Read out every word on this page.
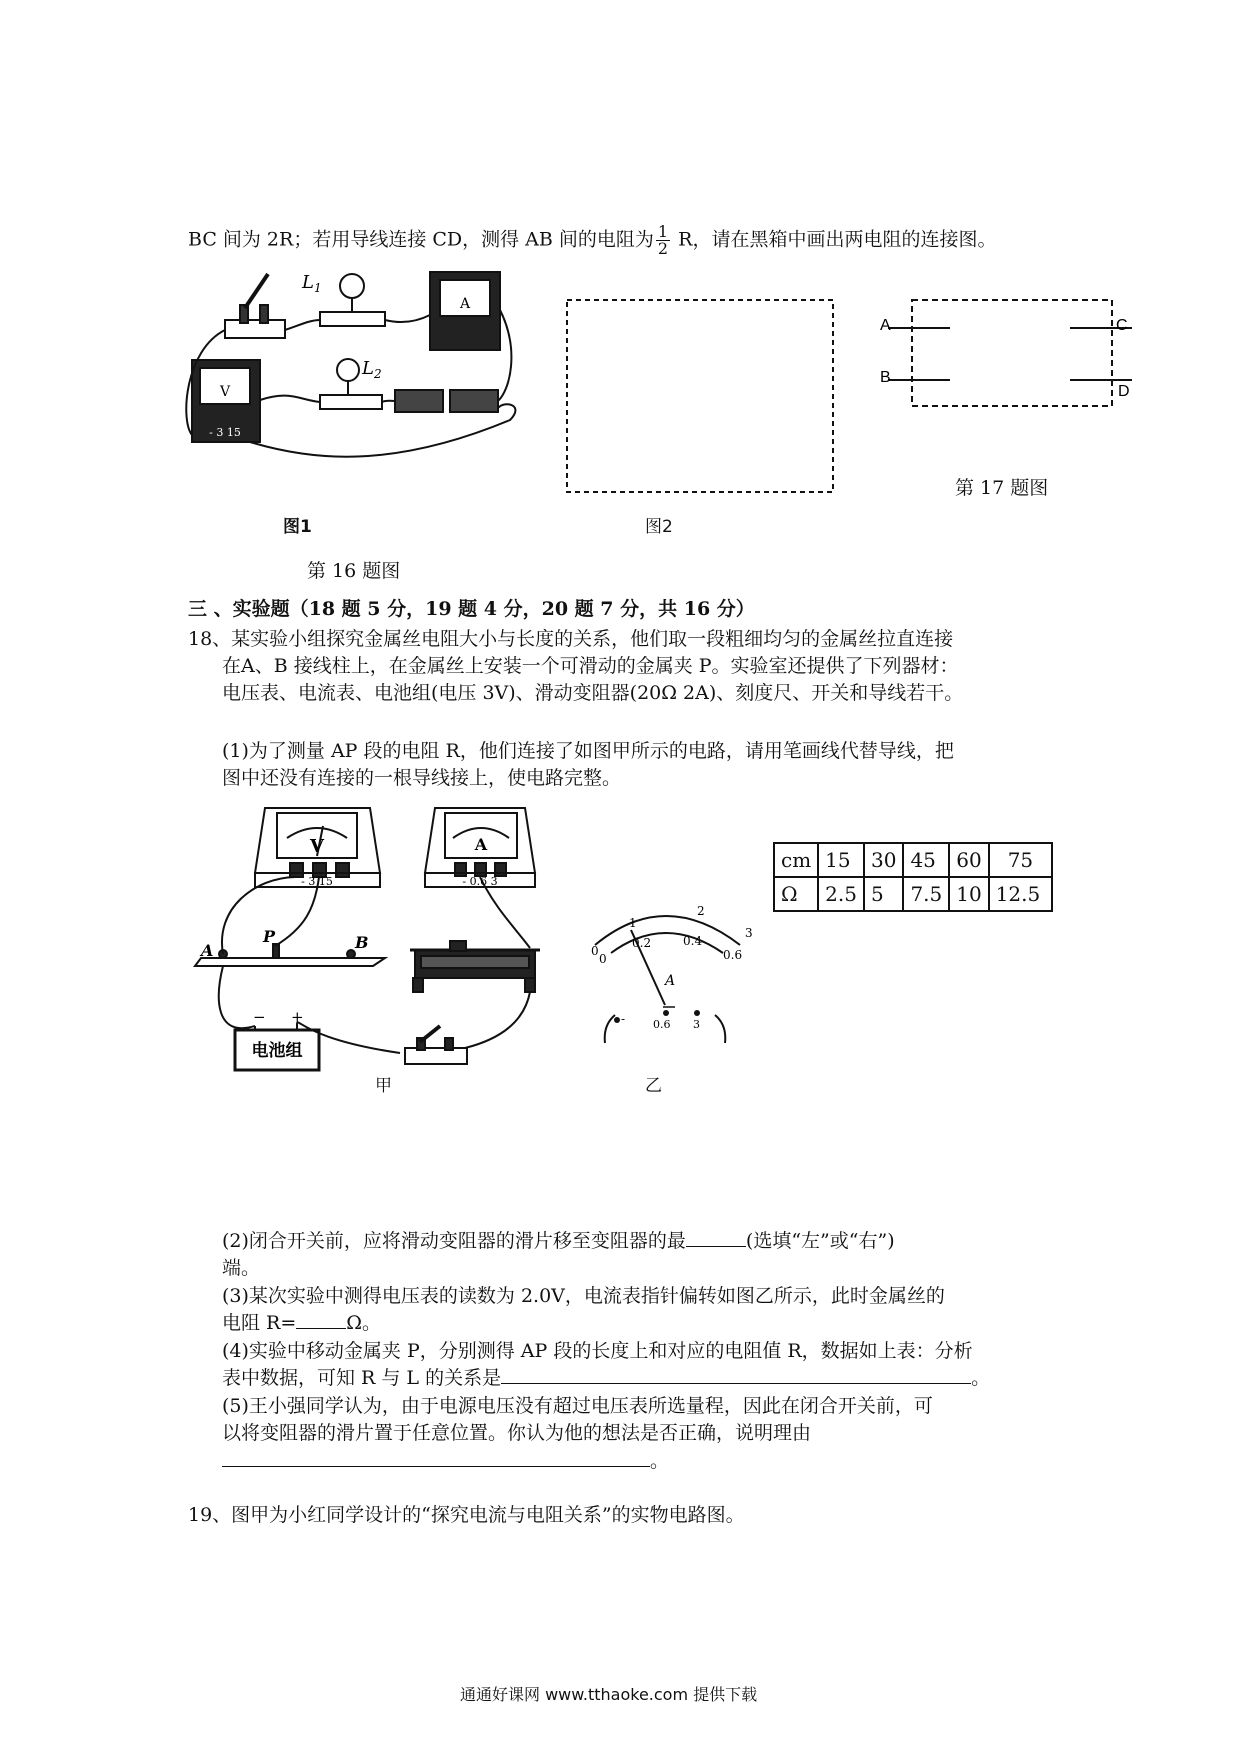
BC 间为 2R；若用导线连接 CD，测得 AB 间的电阻为 $\frac{1}{2}$ R，请在黑箱中画出两电阻的连接图。
A
V
- 3 15
$L_1$
$L_2$
图1	图2
第 16 题图
A
B
C
D
第 17 题图
三 、实验题（18 题 5 分，19 题 4 分，20 题 7 分，共 16 分）
18、某实验小组探究金属丝电阻大小与长度的关系，他们取一段粗细均匀的金属丝拉直连接
在A、B 接线柱上，在金属丝上安装一个可滑动的金属夹 P。实验室还提供了下列器材：
电压表、电流表、电池组(电压 3V)、滑动变阻器(20Ω 2A)、刻度尺、开关和导线若干。
(1)为了测量 AP 段的电阻 R，他们连接了如图甲所示的电路，请用笔画线代替导线，把
图中还没有连接的一根导线接上，使电路完整。
V
- 3 15
A
- 0.6 3
A
P	B
− +
电池组
甲
0
1
0.2
2
0.4
3
0.6
0
A
-	0.6 3
乙
cm	15	30	45	60	75
Ω	2.5	5	7.5	10	12.5
(2)闭合开关前，应将滑动变阻器的滑片移至变阻器的最	(选填“左”或“右”)
端。
(3)某次实验中测得电压表的读数为 2.0V，电流表指针偏转如图乙所示，此时金属丝的
电阻 R=	Ω。
(4)实验中移动金属夹 P，分别测得 AP 段的长度上和对应的电阻值 R，数据如上表：分析
表中数据，可知 R 与 L 的关系是	。
(5)王小强同学认为，由于电源电压没有超过电压表所选量程，因此在闭合开关前，可
以将变阻器的滑片置于任意位置。你认为他的想法是否正确，说明理由
。
19、图甲为小红同学设计的“探究电流与电阻关系”的实物电路图。
通通好课网 www.tthaoke.com 提供下载
